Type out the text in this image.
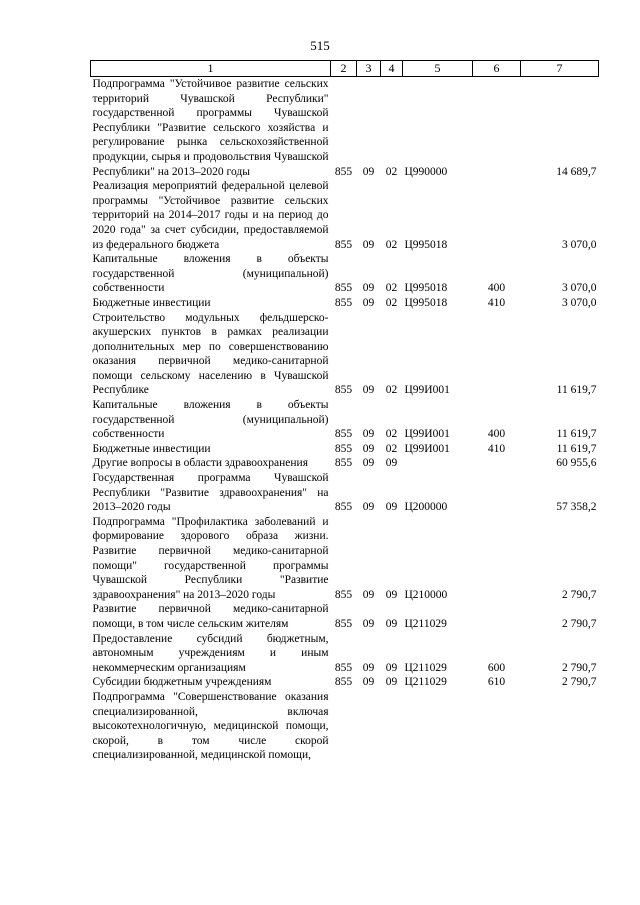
515
1	2	3	4	5	6	7
Подпрограмма "Устойчивое развитие сельских территорий Чувашской Республики" государственной программы Чувашской Республики "Развитие сельского хозяйства и регулирование рынка сельскохозяйственной продукции, сырья и продовольствия Чувашской Республики" на 2013–2020 годы	855	09	02	Ц990000		14 689,7
Реализация мероприятий федеральной целевой программы "Устойчивое развитие сельских территорий на 2014–2017 годы и на период до 2020 года" за счет субсидии, предоставляемой из федерального бюджета	855	09	02	Ц995018		3 070,0
Капитальные вложения в объекты государственной (муниципальной) собственности	855	09	02	Ц995018	400	3 070,0
Бюджетные инвестиции	855	09	02	Ц995018	410	3 070,0
Строительство модульных фельдшерско-акушерских пунктов в рамках реализации дополнительных мер по совершенствованию оказания первичной медико-санитарной помощи сельскому населению в Чувашской Республике	855	09	02	Ц99И001		11 619,7
Капитальные вложения в объекты государственной (муниципальной) собственности	855	09	02	Ц99И001	400	11 619,7
Бюджетные инвестиции	855	09	02	Ц99И001	410	11 619,7
Другие вопросы в области здравоохранения	855	09	09			60 955,6
Государственная программа Чувашской Республики "Развитие здравоохранения" на 2013–2020 годы	855	09	09	Ц200000		57 358,2
Подпрограмма "Профилактика заболеваний и формирование здорового образа жизни. Развитие первичной медико-санитарной помощи" государственной программы Чувашской Республики "Развитие здравоохранения" на 2013–2020 годы	855	09	09	Ц210000		2 790,7
Развитие первичной медико-санитарной помощи, в том числе сельским жителям	855	09	09	Ц211029		2 790,7
Предоставление субсидий бюджетным, автономным учреждениям и иным некоммерческим организациям	855	09	09	Ц211029	600	2 790,7
Субсидии бюджетным учреждениям	855	09	09	Ц211029	610	2 790,7
Подпрограмма "Совершенствование оказания специализированной, включая высокотехнологичную, медицинской помощи, скорой, в том числе скорой специализированной, медицинской помощи,						
